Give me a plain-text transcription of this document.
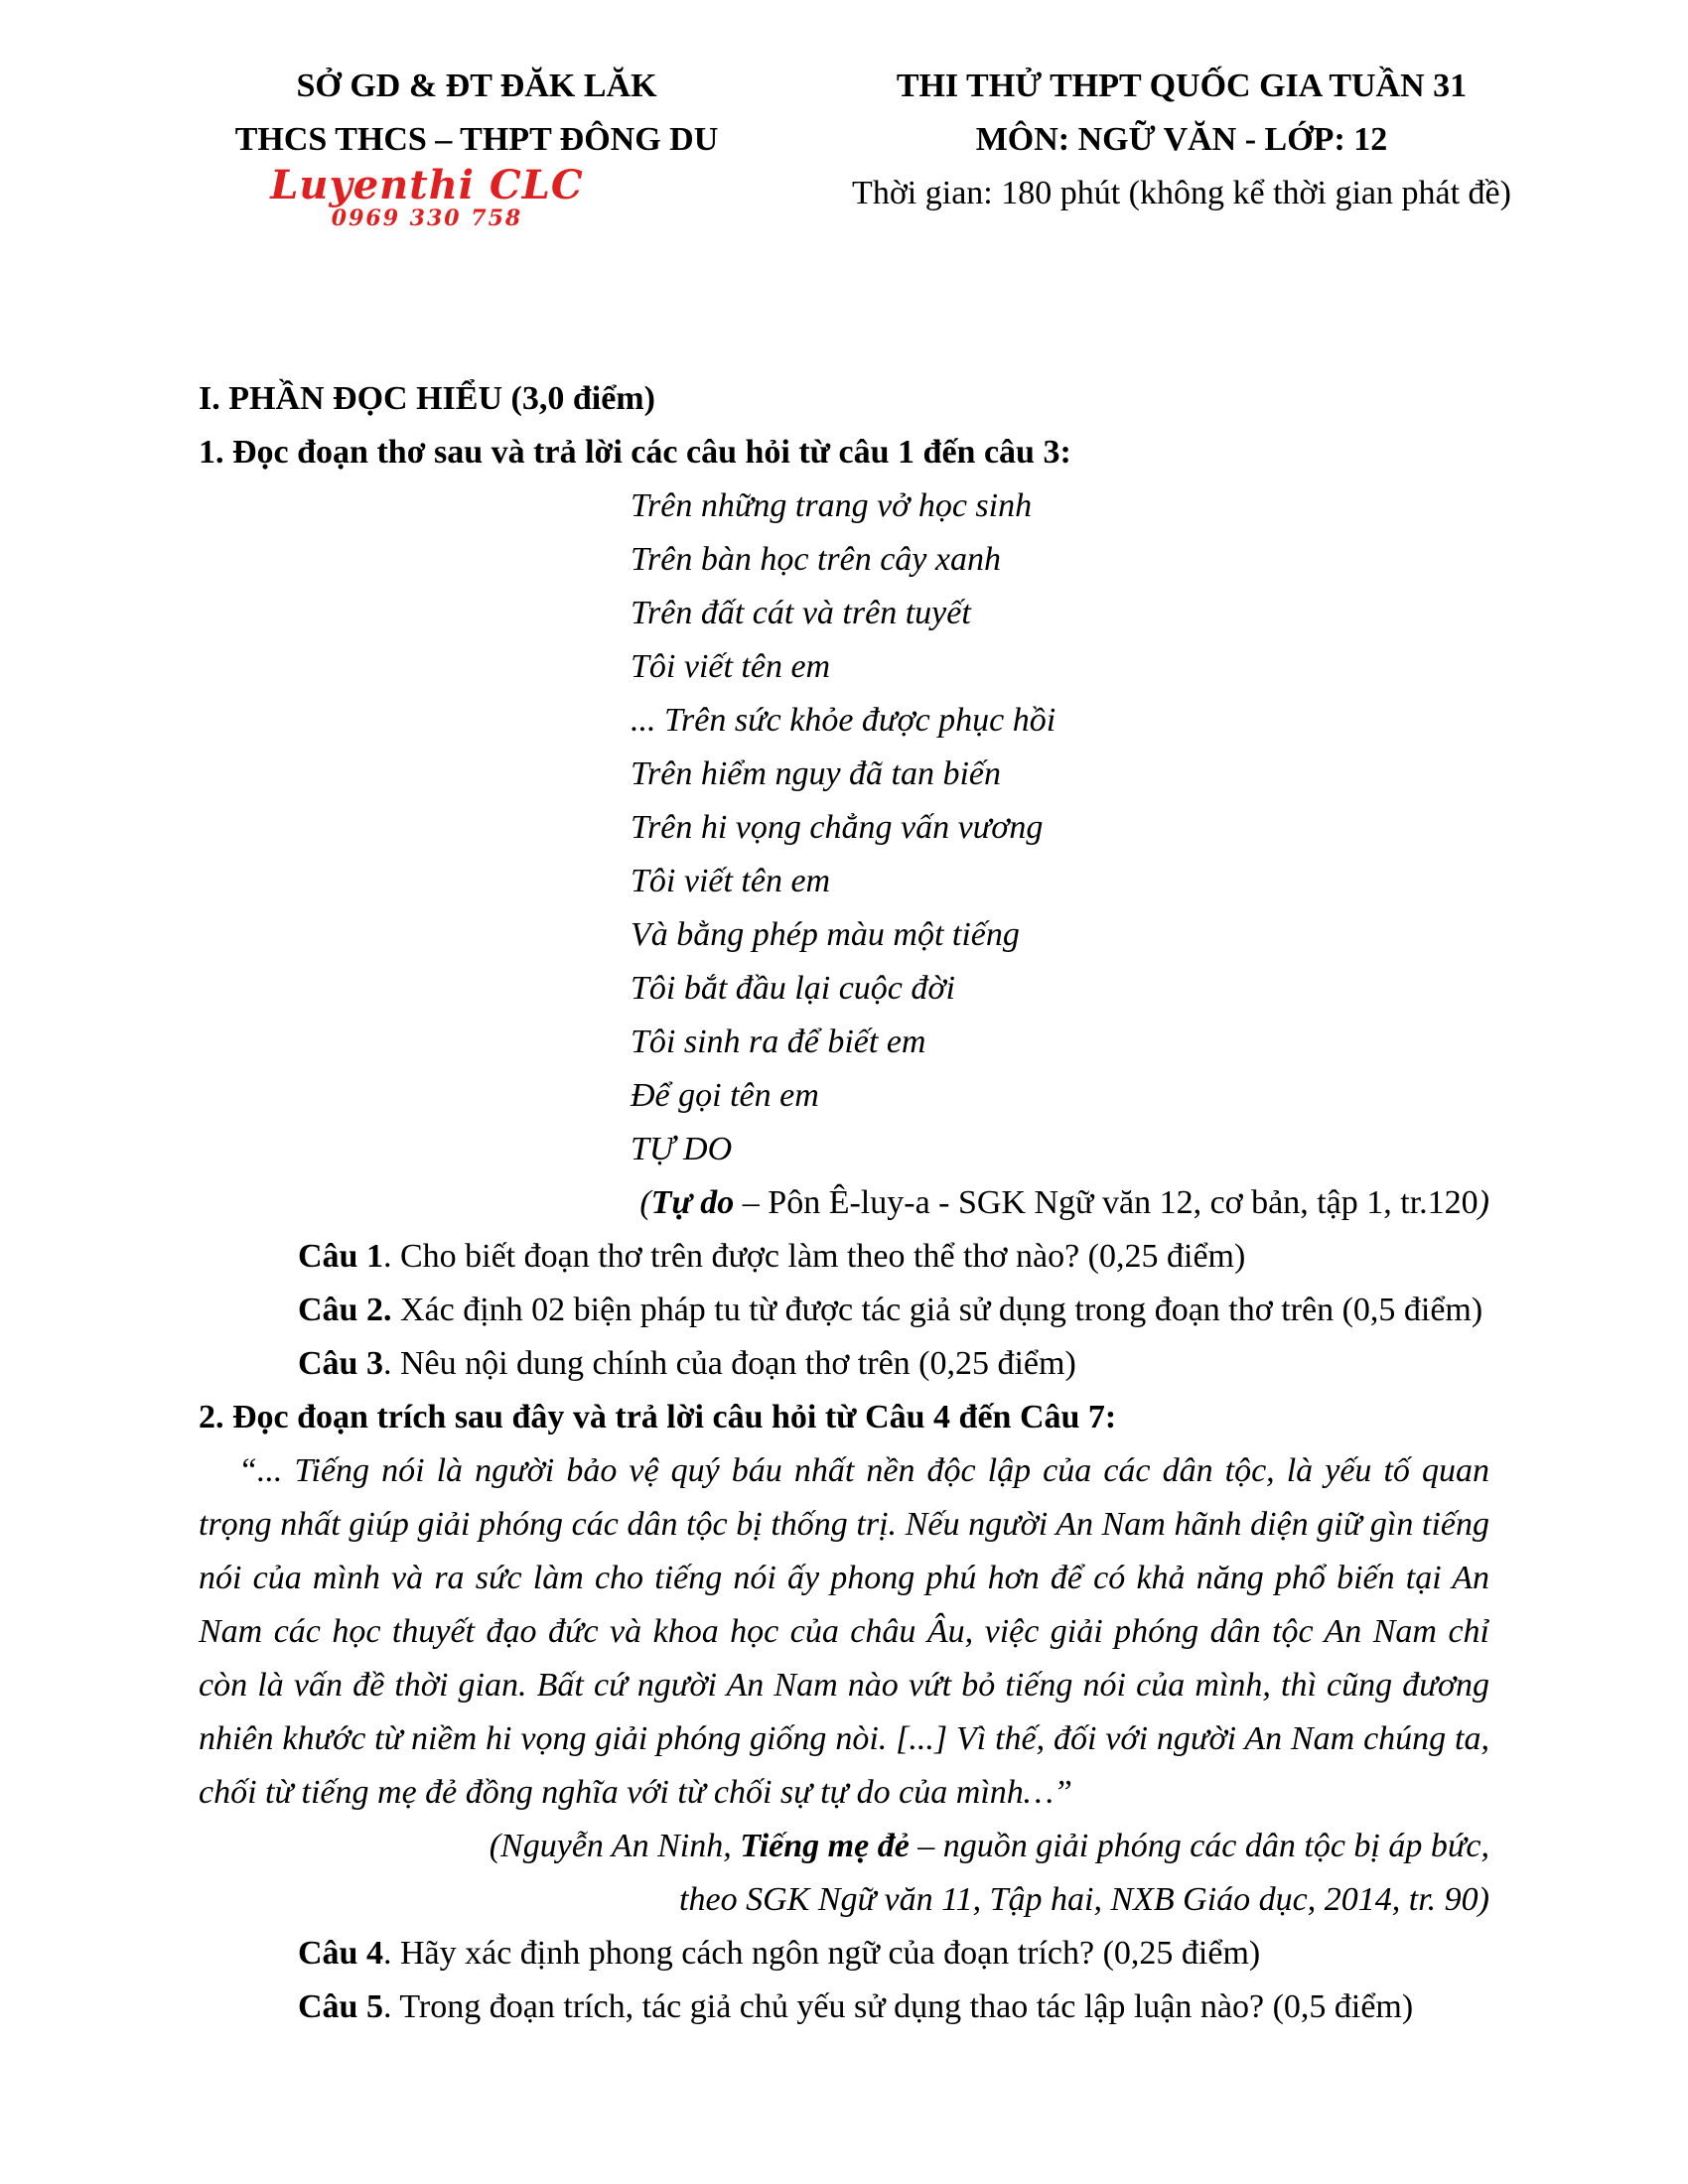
SỞ GD & ĐT ĐĂK LĂK
THCS THCS – THPT ĐÔNG DU
Luyenthi CLC
0969 330 758
THI THỬ THPT QUỐC GIA TUẦN 31
MÔN: NGỮ VĂN - LỚP: 12
Thời gian: 180 phút (không kể thời gian phát đề)
I. PHẦN ĐỌC HIỂU (3,0 điểm)
1. Đọc đoạn thơ sau và trả lời các câu hỏi từ câu 1 đến câu 3:
Trên những trang vở học sinh
Trên bàn học trên cây xanh
Trên đất cát và trên tuyết
Tôi viết tên em
... Trên sức khỏe được phục hồi
Trên hiểm nguy đã tan biến
Trên hi vọng chẳng vấn vương
Tôi viết tên em
Và bằng phép màu một tiếng
Tôi bắt đầu lại cuộc đời
Tôi sinh ra để biết em
Để gọi tên em
TỰ DO
(Tự do – Pôn Ê-luy-a - SGK Ngữ văn 12, cơ bản, tập 1, tr.120)
Câu 1. Cho biết đoạn thơ trên được làm theo thể thơ nào? (0,25 điểm)
Câu 2. Xác định 02 biện pháp tu từ được tác giả sử dụng trong đoạn thơ trên (0,5 điểm)
Câu 3. Nêu nội dung chính của đoạn thơ trên (0,25 điểm)
2. Đọc đoạn trích sau đây và trả lời câu hỏi từ Câu 4 đến Câu 7:

“... Tiếng nói là người bảo vệ quý báu nhất nền độc lập của các dân tộc, là yếu tố quan trọng nhất giúp giải phóng các dân tộc bị thống trị. Nếu người An Nam hãnh diện giữ gìn tiếng nói của mình và ra sức làm cho tiếng nói ấy phong phú hơn để có khả năng phổ biến tại An Nam các học thuyết đạo đức và khoa học của châu Âu, việc giải phóng dân tộc An Nam chỉ còn là vấn đề thời gian. Bất cứ người An Nam nào vứt bỏ tiếng nói của mình, thì cũng đương nhiên khước từ niềm hi vọng giải phóng giống nòi. [...] Vì thế, đối với người An Nam chúng ta, chối từ tiếng mẹ đẻ đồng nghĩa với từ chối sự tự do của mình…”

(Nguyễn An Ninh, Tiếng mẹ đẻ – nguồn giải phóng các dân tộc bị áp bức,
theo SGK Ngữ văn 11, Tập hai, NXB Giáo dục, 2014, tr. 90)
Câu 4. Hãy xác định phong cách ngôn ngữ của đoạn trích? (0,25 điểm)
Câu 5. Trong đoạn trích, tác giả chủ yếu sử dụng thao tác lập luận nào? (0,5 điểm)
